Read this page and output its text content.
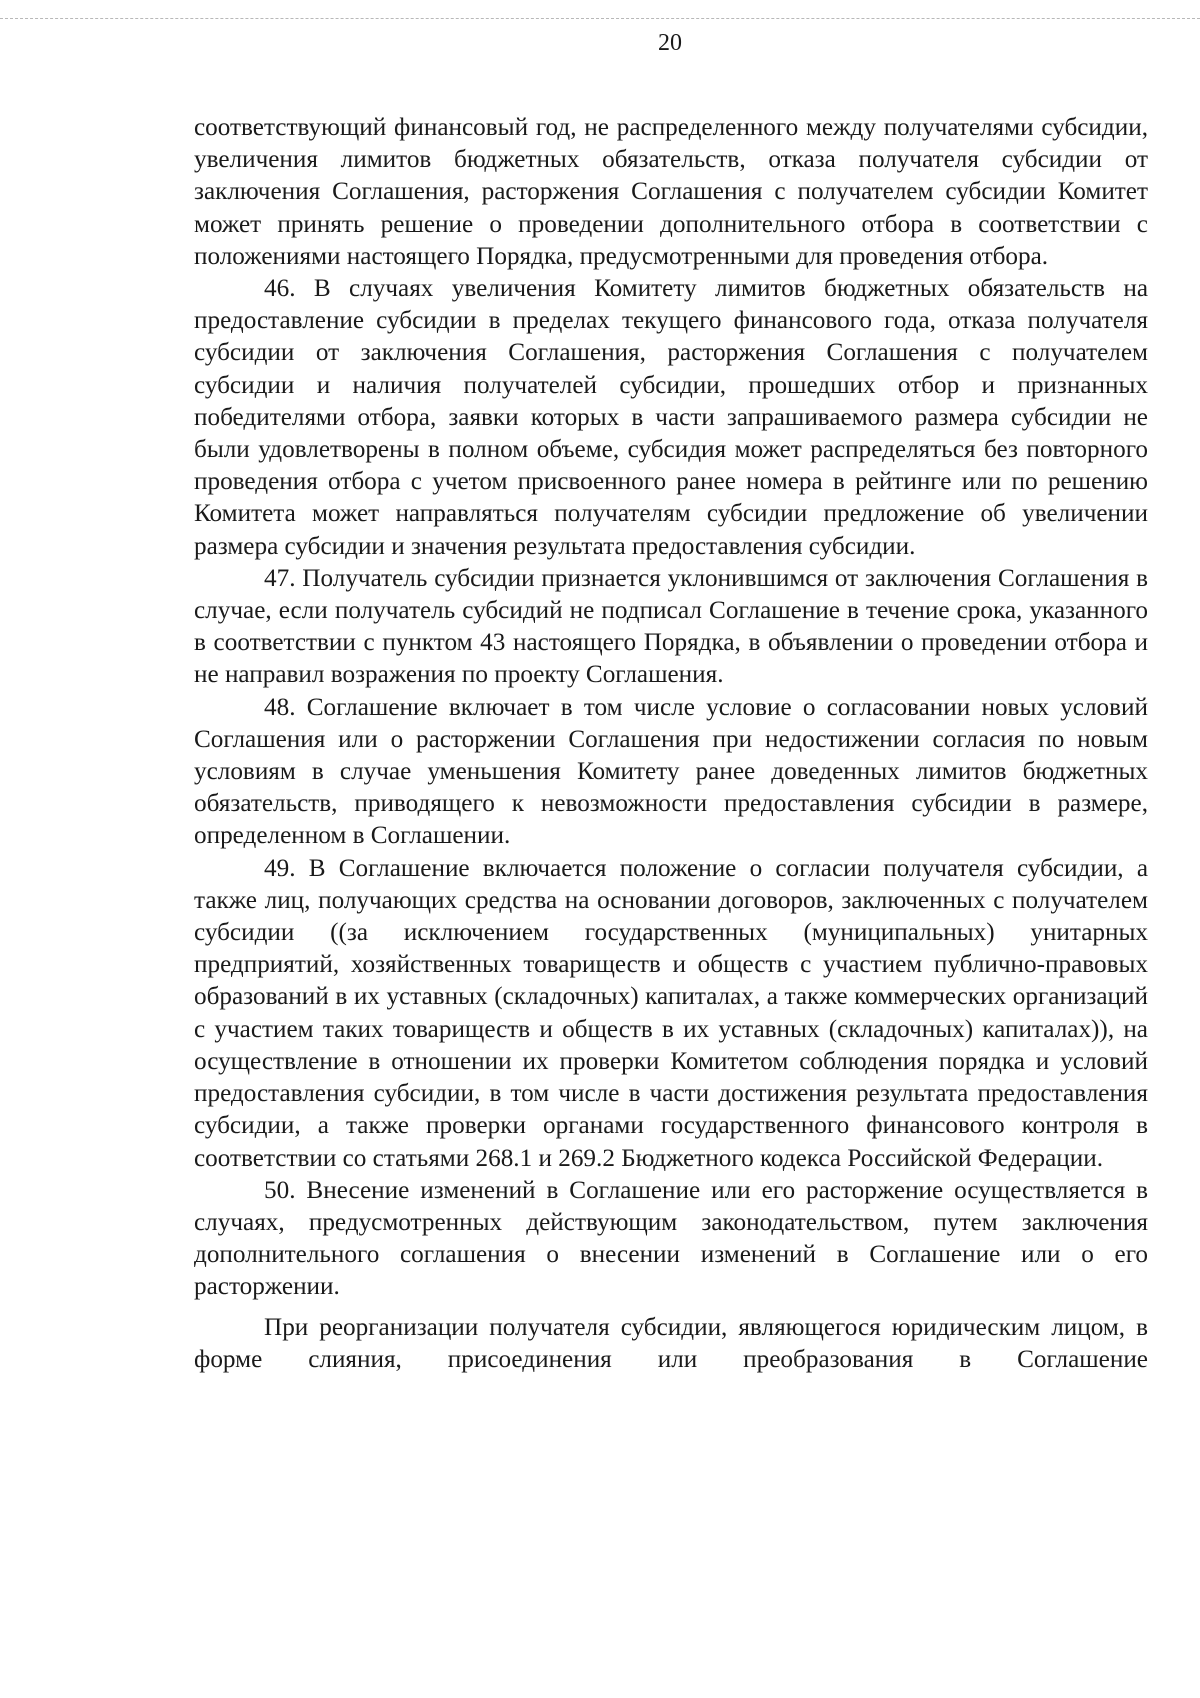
20

соответствующий финансовый год, не распределенного между получателями субсидии, увеличения лимитов бюджетных обязательств, отказа получателя субсидии от заключения Соглашения, расторжения Соглашения с получателем субсидии Комитет может принять решение о проведении дополнительного отбора в соответствии с положениями настоящего Порядка, предусмотренными для проведения отбора.

46. В случаях увеличения Комитету лимитов бюджетных обязательств на предоставление субсидии в пределах текущего финансового года, отказа получателя субсидии от заключения Соглашения, расторжения Соглашения с получателем субсидии и наличия получателей субсидии, прошедших отбор и признанных победителями отбора, заявки которых в части запрашиваемого размера субсидии не были удовлетворены в полном объеме, субсидия может распределяться без повторного проведения отбора с учетом присвоенного ранее номера в рейтинге или по решению Комитета может направляться получателям субсидии предложение об увеличении размера субсидии и значения результата предоставления субсидии.

47. Получатель субсидии признается уклонившимся от заключения Соглашения в случае, если получатель субсидий не подписал Соглашение в течение срока, указанного в соответствии с пунктом 43 настоящего Порядка, в объявлении о проведении отбора и не направил возражения по проекту Соглашения.

48. Соглашение включает в том числе условие о согласовании новых условий Соглашения или о расторжении Соглашения при недостижении согласия по новым условиям в случае уменьшения Комитету ранее доведенных лимитов бюджетных обязательств, приводящего к невозможности предоставления субсидии в размере, определенном в Соглашении.

49. В Соглашение включается положение о согласии получателя субсидии, а также лиц, получающих средства на основании договоров, заключенных с получателем субсидии ((за исключением государственных (муниципальных) унитарных предприятий, хозяйственных товариществ и обществ с участием публично-правовых образований в их уставных (складочных) капиталах, а также коммерческих организаций с участием таких товариществ и обществ в их уставных (складочных) капиталах)), на осуществление в отношении их проверки Комитетом соблюдения порядка и условий предоставления субсидии, в том числе в части достижения результата предоставления субсидии, а также проверки органами государственного финансового контроля в соответствии со статьями 268.1 и 269.2 Бюджетного кодекса Российской Федерации.

50. Внесение изменений в Соглашение или его расторжение осуществляется в случаях, предусмотренных действующим законодательством, путем заключения дополнительного соглашения о внесении изменений в Соглашение или о его расторжении.

При реорганизации получателя субсидии, являющегося юридическим лицом, в форме слияния, присоединения или преобразования в Соглашение
